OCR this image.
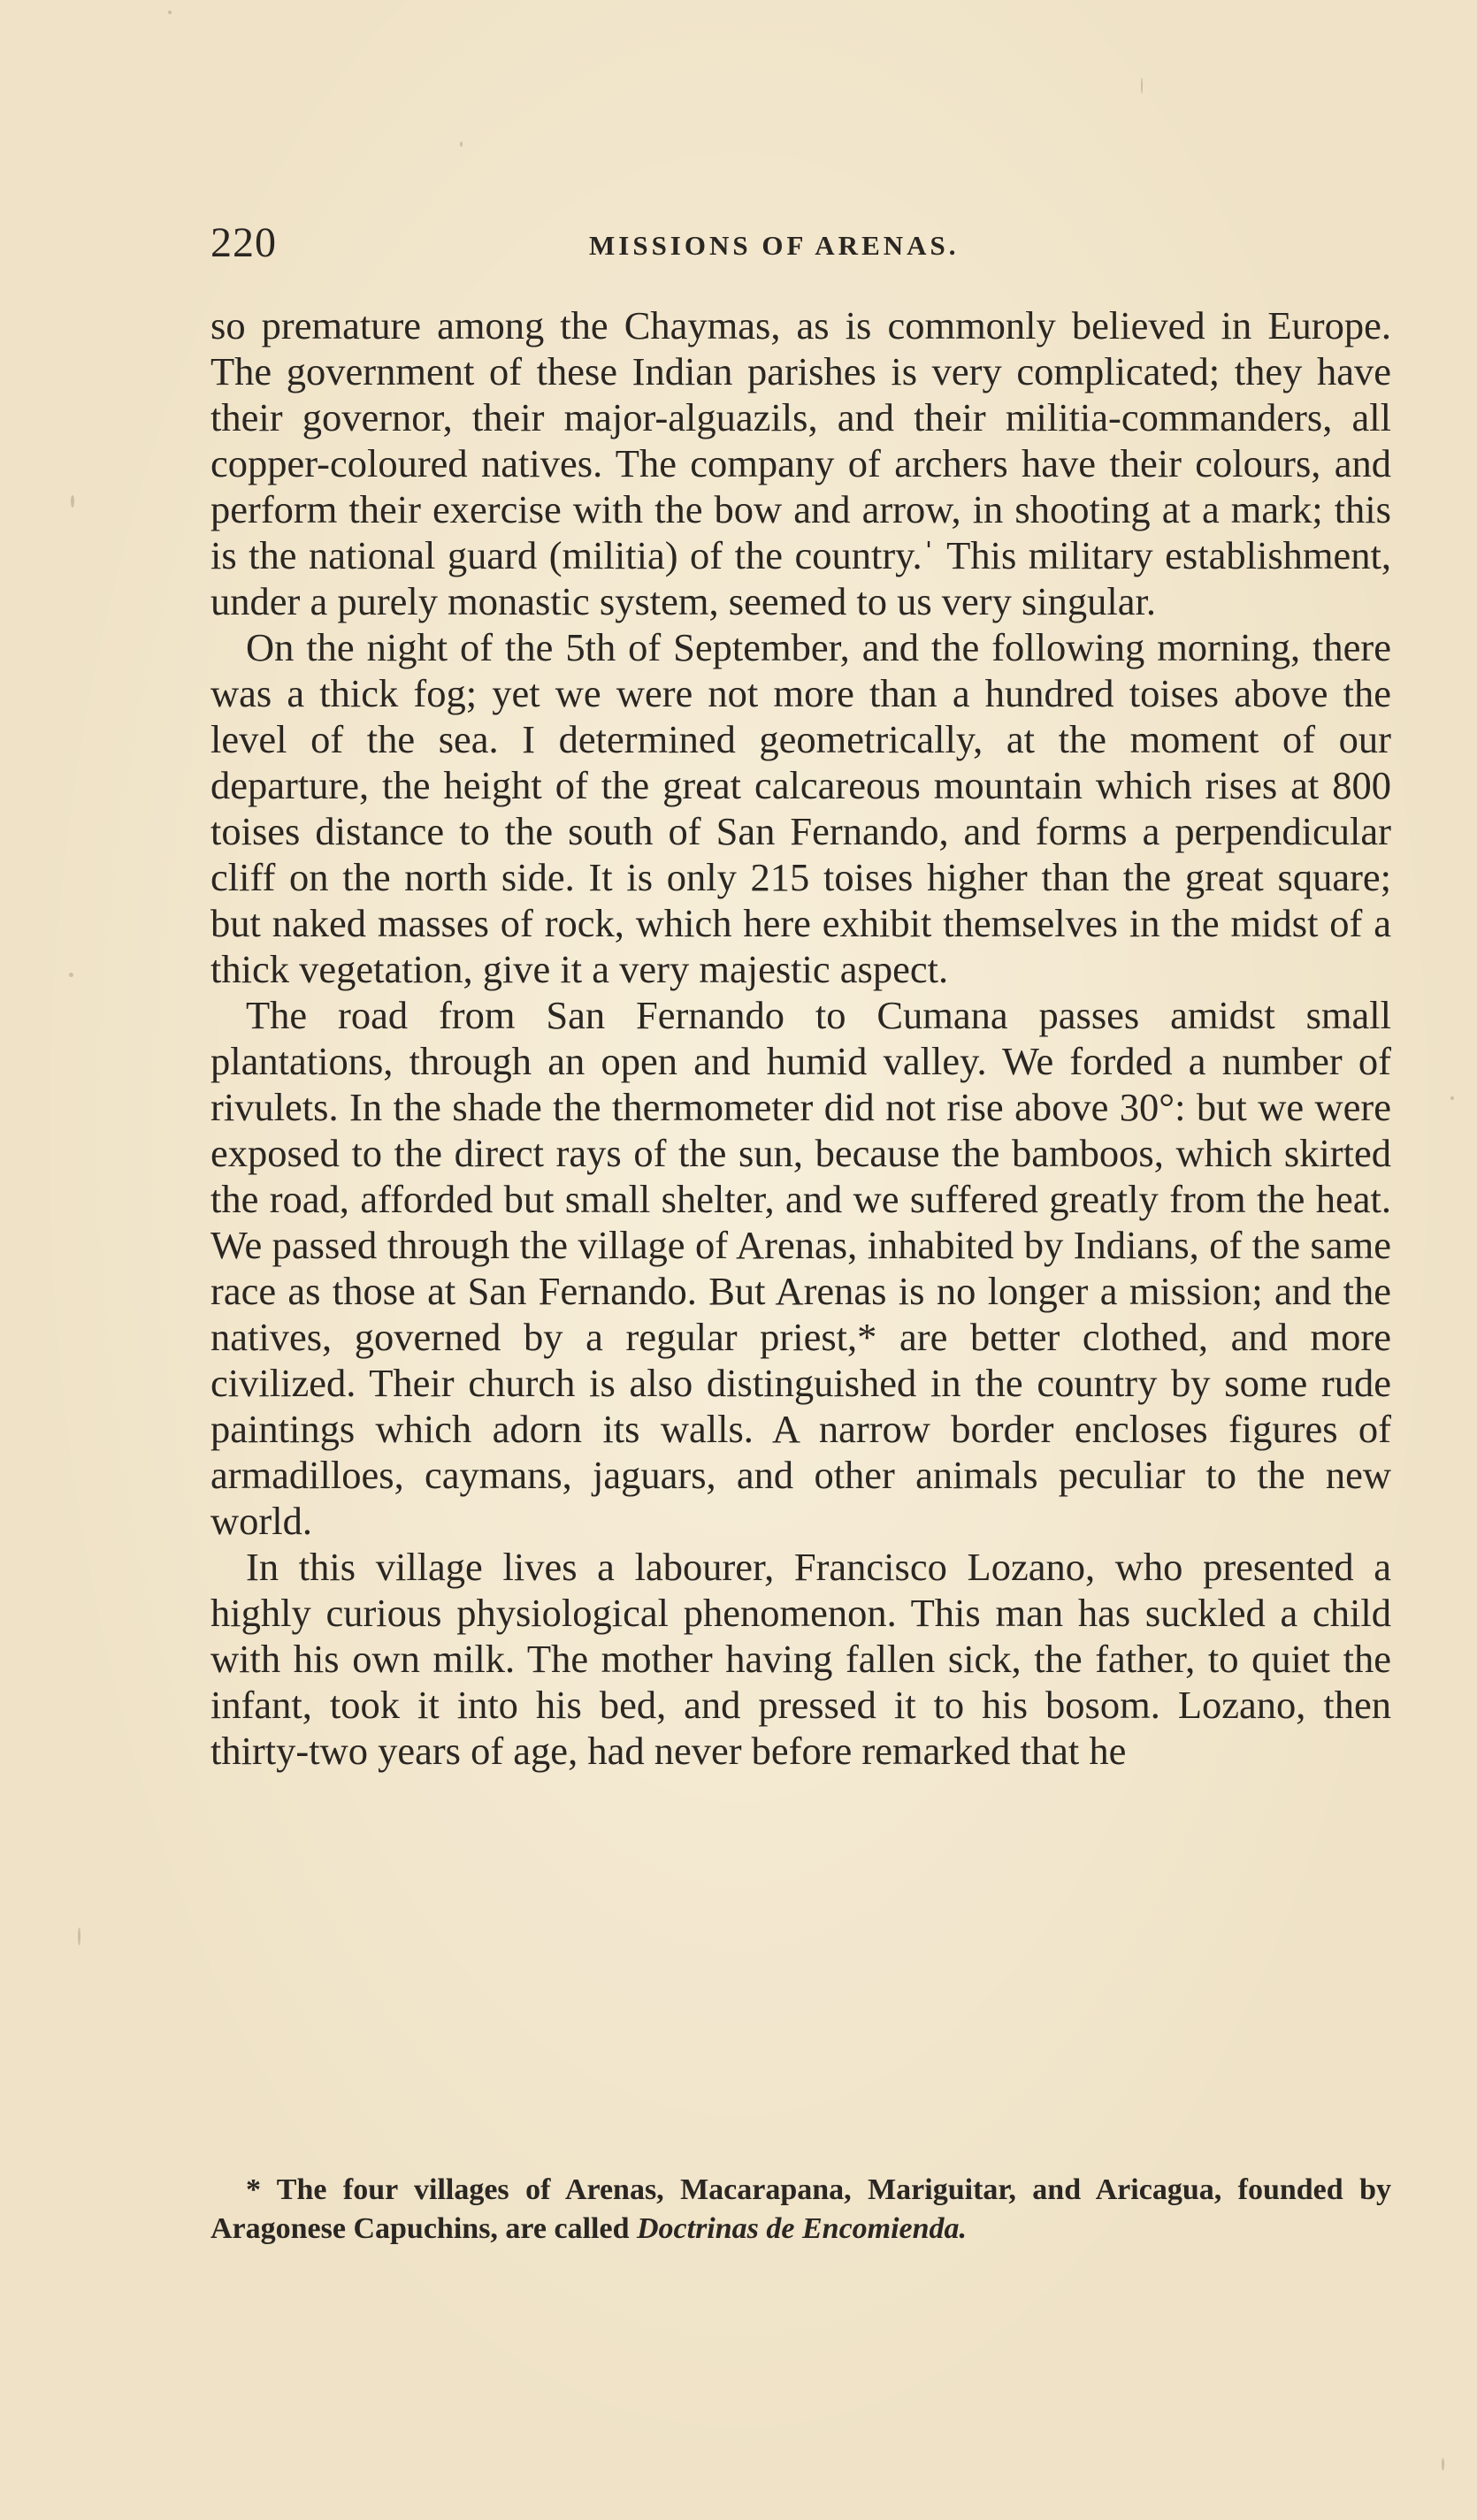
220	MISSIONS OF ARENAS.

so premature among the Chaymas, as is commonly believed in Europe. The government of these Indian parishes is very complicated; they have their governor, their major-alguazils, and their militia-commanders, all copper-coloured natives. The company of archers have their colours, and perform their exercise with the bow and arrow, in shooting at a mark; this is the national guard (militia) of the country.ˈ This military establishment, under a purely monastic system, seemed to us very singular.

On the night of the 5th of September, and the following morning, there was a thick fog; yet we were not more than a hundred toises above the level of the sea. I determined geometrically, at the moment of our departure, the height of the great calcareous mountain which rises at 800 toises distance to the south of San Fernando, and forms a perpendicular cliff on the north side. It is only 215 toises higher than the great square; but naked masses of rock, which here exhibit themselves in the midst of a thick vegetation, give it a very majestic aspect.

The road from San Fernando to Cumana passes amidst small plantations, through an open and humid valley. We forded a number of rivulets. In the shade the thermometer did not rise above 30°: but we were exposed to the direct rays of the sun, because the bamboos, which skirted the road, afforded but small shelter, and we suffered greatly from the heat. We passed through the village of Arenas, inhabited by Indians, of the same race as those at San Fernando. But Arenas is no longer a mission; and the natives, governed by a regular priest,* are better clothed, and more civilized. Their church is also distinguished in the country by some rude paintings which adorn its walls. A narrow border encloses figures of armadilloes, caymans, jaguars, and other animals peculiar to the new world.

In this village lives a labourer, Francisco Lozano, who presented a highly curious physiological phenomenon. This man has suckled a child with his own milk. The mother having fallen sick, the father, to quiet the infant, took it into his bed, and pressed it to his bosom. Lozano, then thirty-two years of age, had never before remarked that he

* The four villages of Arenas, Macarapana, Mariguitar, and Aricagua, founded by Aragonese Capuchins, are called Doctrinas de Encomienda.
